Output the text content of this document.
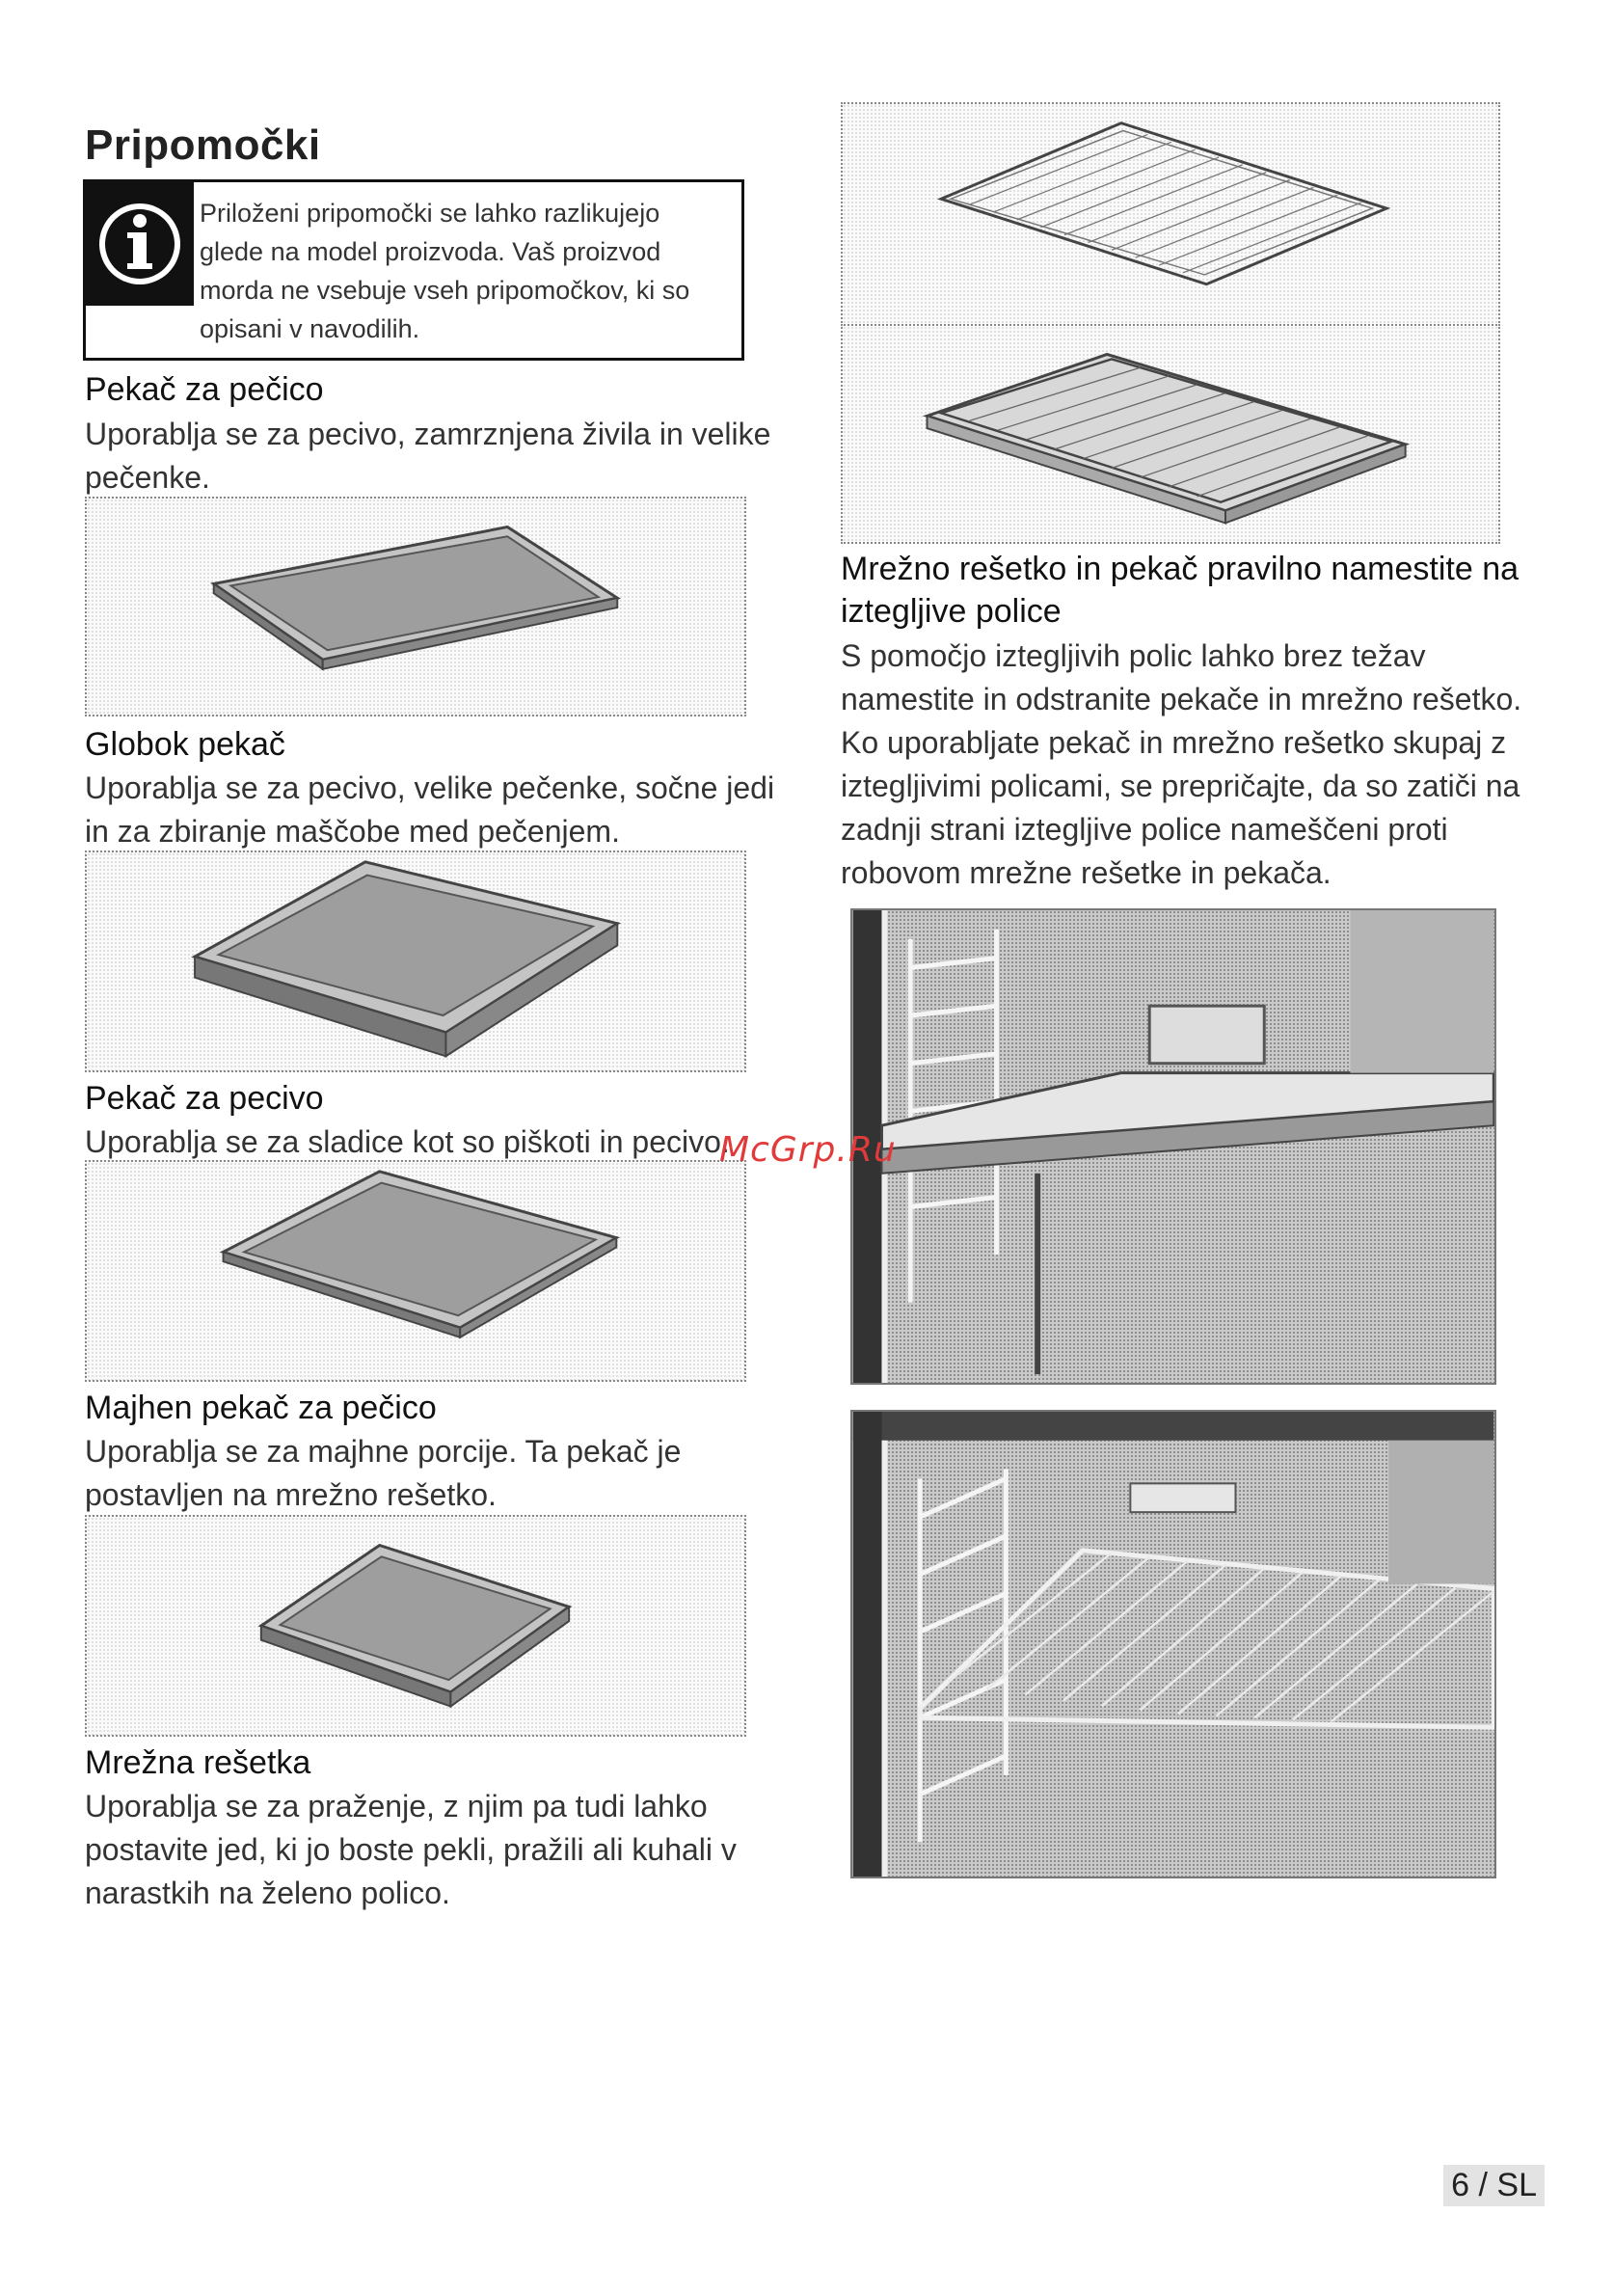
Pripomočki
Priloženi pripomočki se lahko razlikujejo
glede na model proizvoda. Vaš proizvod
morda ne vsebuje vseh pripomočkov, ki so
opisani v navodilih.
Pekač za pečico
Uporablja se za pecivo, zamrznjena živila in velike
pečenke.
Globok pekač
Uporablja se za pecivo, velike pečenke, sočne jedi
in za zbiranje maščobe med pečenjem.
Pekač za pecivo
Uporablja se za sladice kot so piškoti in pecivo.
Majhen pekač za pečico
Uporablja se za majhne porcije. Ta pekač je
postavljen na mrežno rešetko.
Mrežna rešetka
Uporablja se za praženje, z njim pa tudi lahko
postavite jed, ki jo boste pekli, pražili ali kuhali v
narastkih na želeno polico.
Mrežno rešetko in pekač pravilno namestite na
iztegljive police
S pomočjo iztegljivih polic lahko brez težav
namestite in odstranite pekače in mrežno rešetko.
Ko uporabljate pekač in mrežno rešetko skupaj z
iztegljivimi policami, se prepričajte, da so zatiči na
zadnji strani iztegljive police nameščeni proti
robovom mrežne rešetke in pekača.
McGrp.Ru
6 / SL
